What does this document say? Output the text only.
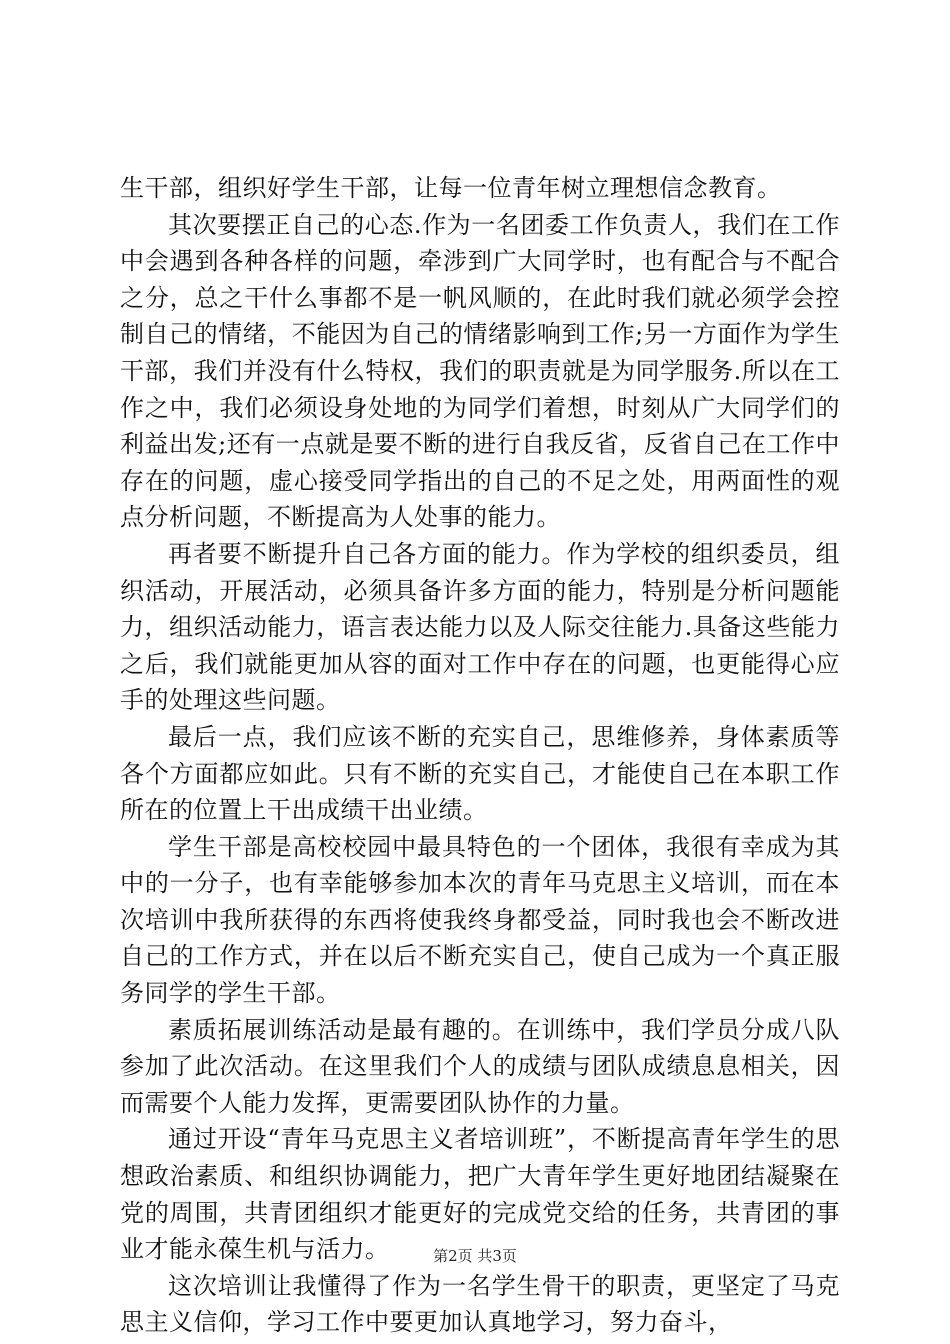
生干部，组织好学生干部，让每一位青年树立理想信念教育。

其次要摆正自己的心态.作为一名团委工作负责人，我们在工作中会遇到各种各样的问题，牵涉到广大同学时，也有配合与不配合之分，总之干什么事都不是一帆风顺的，在此时我们就必须学会控制自己的情绪，不能因为自己的情绪影响到工作;另一方面作为学生干部，我们并没有什么特权，我们的职责就是为同学服务.所以在工作之中，我们必须设身处地的为同学们着想，时刻从广大同学们的利益出发;还有一点就是要不断的进行自我反省，反省自己在工作中存在的问题，虚心接受同学指出的自己的不足之处，用两面性的观点分析问题，不断提高为人处事的能力。

再者要不断提升自己各方面的能力。作为学校的组织委员，组织活动，开展活动，必须具备许多方面的能力，特别是分析问题能力，组织活动能力，语言表达能力以及人际交往能力.具备这些能力之后，我们就能更加从容的面对工作中存在的问题，也更能得心应手的处理这些问题。

最后一点，我们应该不断的充实自己，思维修养，身体素质等各个方面都应如此。只有不断的充实自己，才能使自己在本职工作所在的位置上干出成绩干出业绩。

学生干部是高校校园中最具特色的一个团体，我很有幸成为其中的一分子，也有幸能够参加本次的青年马克思主义培训，而在本次培训中我所获得的东西将使我终身都受益，同时我也会不断改进自己的工作方式，并在以后不断充实自己，使自己成为一个真正服务同学的学生干部。

素质拓展训练活动是最有趣的。在训练中，我们学员分成八队参加了此次活动。在这里我们个人的成绩与团队成绩息息相关，因而需要个人能力发挥，更需要团队协作的力量。

通过开设“青年马克思主义者培训班”，不断提高青年学生的思想政治素质、和组织协调能力，把广大青年学生更好地团结凝聚在党的周围，共青团组织才能更好的完成党交给的任务，共青团的事业才能永葆生机与活力。

这次培训让我懂得了作为一名学生骨干的职责，更坚定了马克思主义信仰，学习工作中要更加认真地学习，努力奋斗，

第2页 共3页
